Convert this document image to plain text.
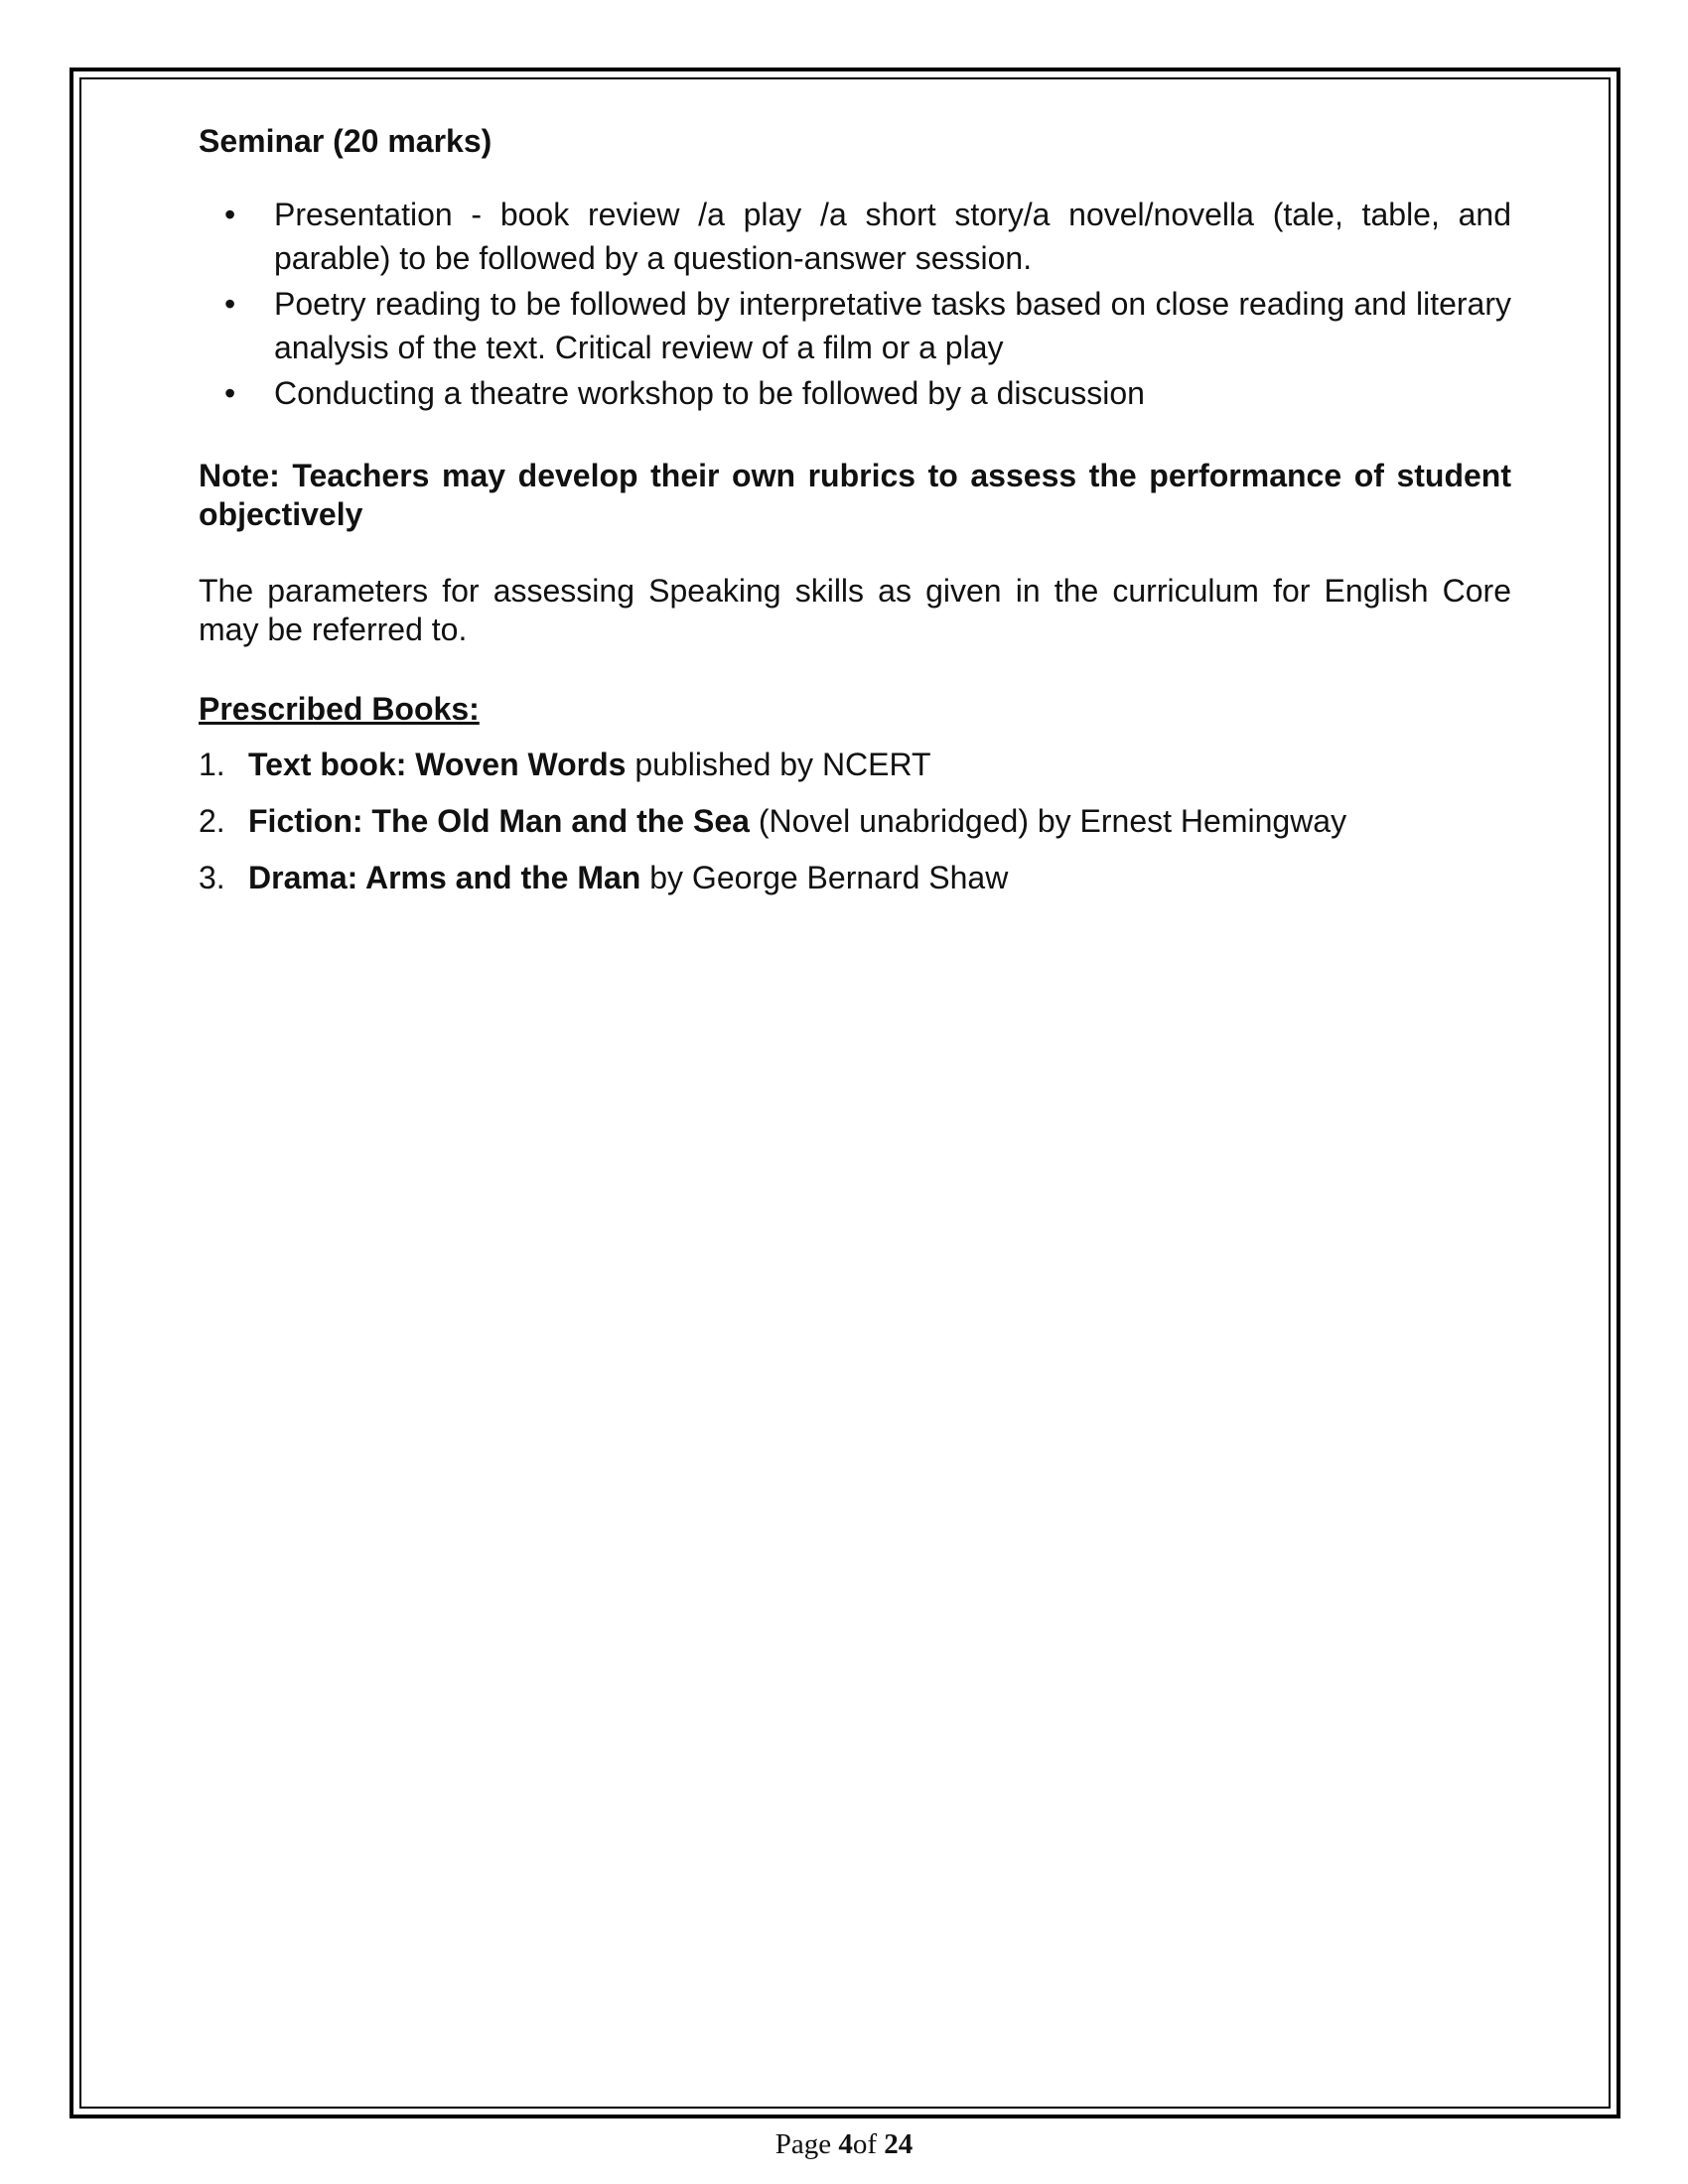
Seminar (20 marks)

• Presentation - book review /a play /a short story/a novel/novella (tale, table, and parable) to be followed by a question-answer session.
• Poetry reading to be followed by interpretative tasks based on close reading and literary analysis of the text. Critical review of a film or a play
• Conducting a theatre workshop to be followed by a discussion

Note: Teachers may develop their own rubrics to assess the performance of student objectively

The parameters for assessing Speaking skills as given in the curriculum for English Core may be referred to.

Prescribed Books:

1. Text book: Woven Words published by NCERT
2. Fiction: The Old Man and the Sea (Novel unabridged) by Ernest Hemingway
3. Drama: Arms and the Man by George Bernard Shaw
Page 4of 24
